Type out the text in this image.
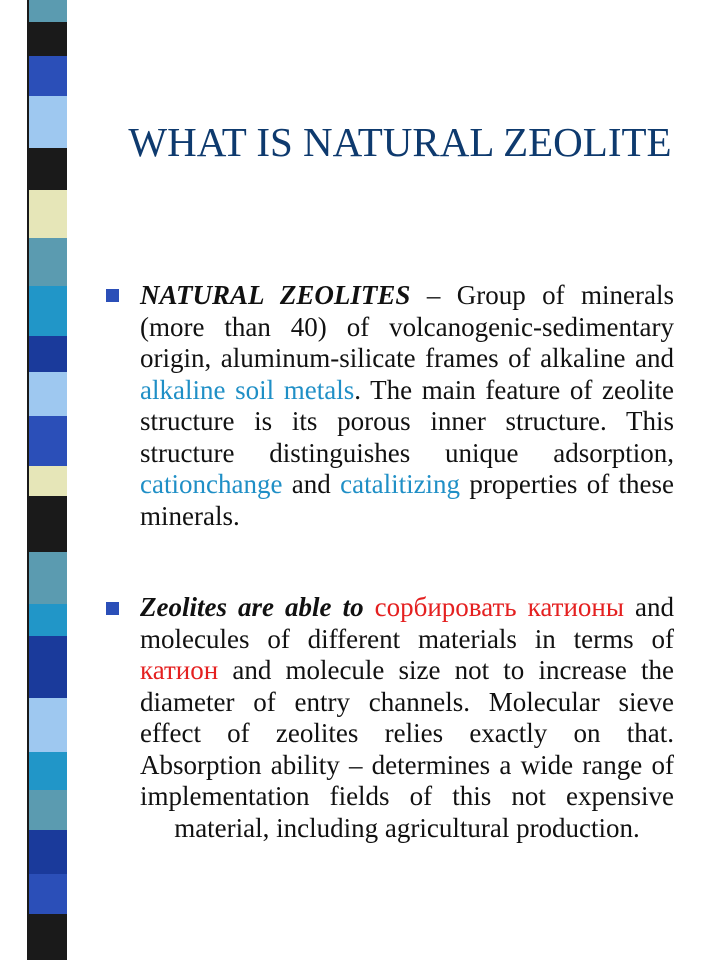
WHAT IS NATURAL ZEOLITE
NATURAL ZEOLITES – Group of minerals (more than 40) of volcanogenic-sedimentary origin, aluminum-silicate frames of alkaline and alkaline soil metals. The main feature of zeolite structure is its porous inner structure. This structure distinguishes unique adsorption, cationchange and catalitizing properties of these minerals.
Zeolites are able to сорбировать катионы and molecules of different materials in terms of катион and molecule size not to increase the diameter of entry channels. Molecular sieve effect of zeolites relies exactly on that. Absorption ability – determines a wide range of implementation fields of this not expensive material, including agricultural production.
